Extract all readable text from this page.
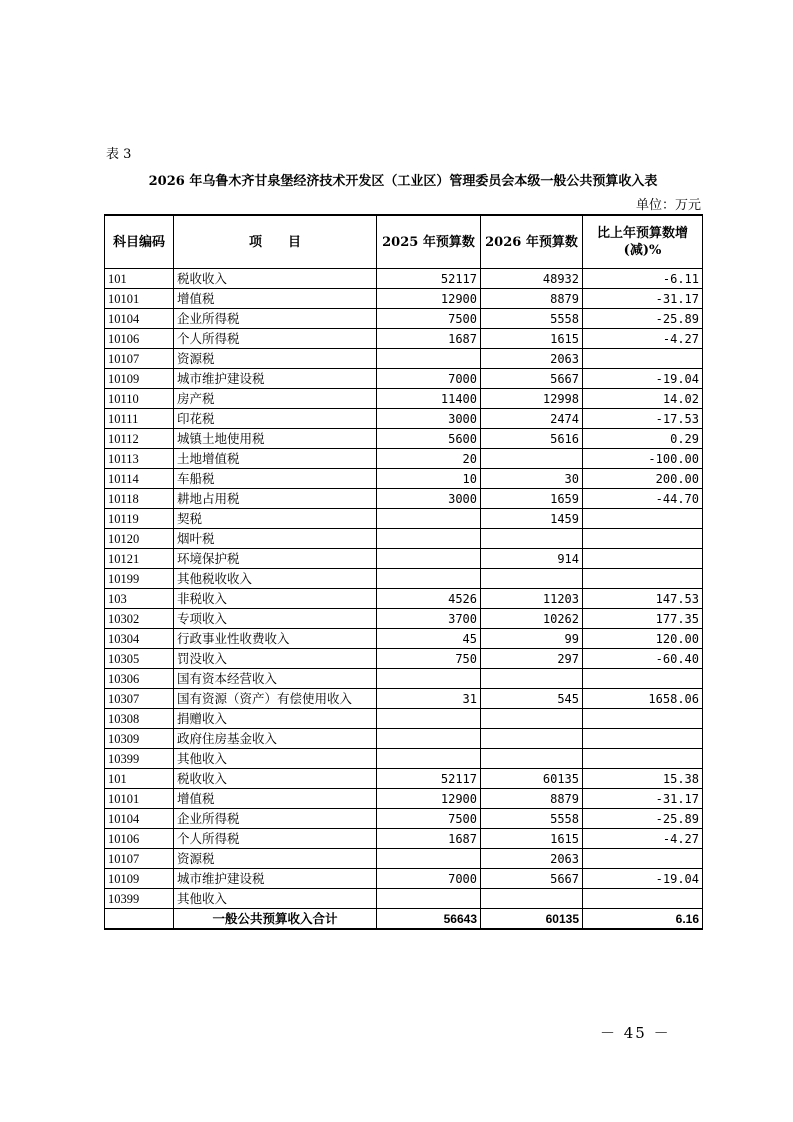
表 3
2026 年乌鲁木齐甘泉堡经济技术开发区（工业区）管理委员会本级一般公共预算收入表
单位：万元
科目编码	项　　目	2025 年预算数	2026 年预算数	比上年预算数增(减)%
101	税收收入	52117	48932	-6.11
10101	增值税	12900	8879	-31.17
10104	企业所得税	7500	5558	-25.89
10106	个人所得税	1687	1615	-4.27
10107	资源税		2063	
10109	城市维护建设税	7000	5667	-19.04
10110	房产税	11400	12998	14.02
10111	印花税	3000	2474	-17.53
10112	城镇土地使用税	5600	5616	0.29
10113	土地增值税	20		-100.00
10114	车船税	10	30	200.00
10118	耕地占用税	3000	1659	-44.70
10119	契税		1459	
10120	烟叶税			
10121	环境保护税		914	
10199	其他税收收入			
103	非税收入	4526	11203	147.53
10302	专项收入	3700	10262	177.35
10304	行政事业性收费收入	45	99	120.00
10305	罚没收入	750	297	-60.40
10306	国有资本经营收入			
10307	国有资源（资产）有偿使用收入	31	545	1658.06
10308	捐赠收入			
10309	政府住房基金收入			
10399	其他收入			
101	税收收入	52117	60135	15.38
10101	增值税	12900	8879	-31.17
10104	企业所得税	7500	5558	-25.89
10106	个人所得税	1687	1615	-4.27
10107	资源税		2063	
10109	城市维护建设税	7000	5667	-19.04
10399	其他收入			
	一般公共预算收入合计	56643	60135	6.16
－ 45 －
